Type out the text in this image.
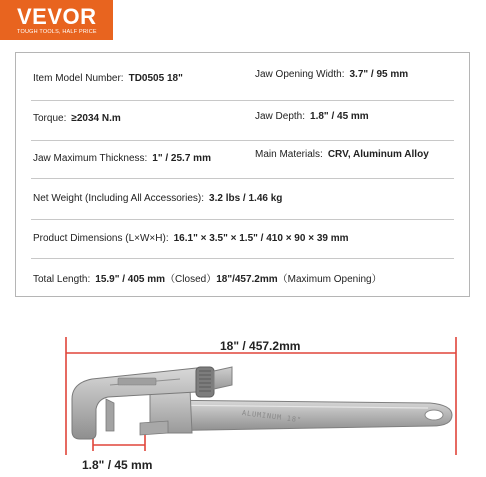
VEVOR
TOUGH TOOLS, HALF PRICE
Item Model Number: TD0505 18"	Jaw Opening Width: 3.7" / 95 mm
Torque: ≥2034 N.m	Jaw Depth: 1.8" / 45 mm
Jaw Maximum Thickness: 1" / 25.7 mm	Main Materials: CRV, Aluminum Alloy
Net Weight (Including All Accessories): 3.2 lbs / 1.46 kg
Product Dimensions (L×W×H): 16.1" × 3.5" × 1.5" / 410 × 90 × 39 mm
Total Length: 15.9" / 405 mm（Closed）18"/457.2mm（Maximum Opening）
ALUMINUM 18"
18" / 457.2mm
1.8" / 45 mm
